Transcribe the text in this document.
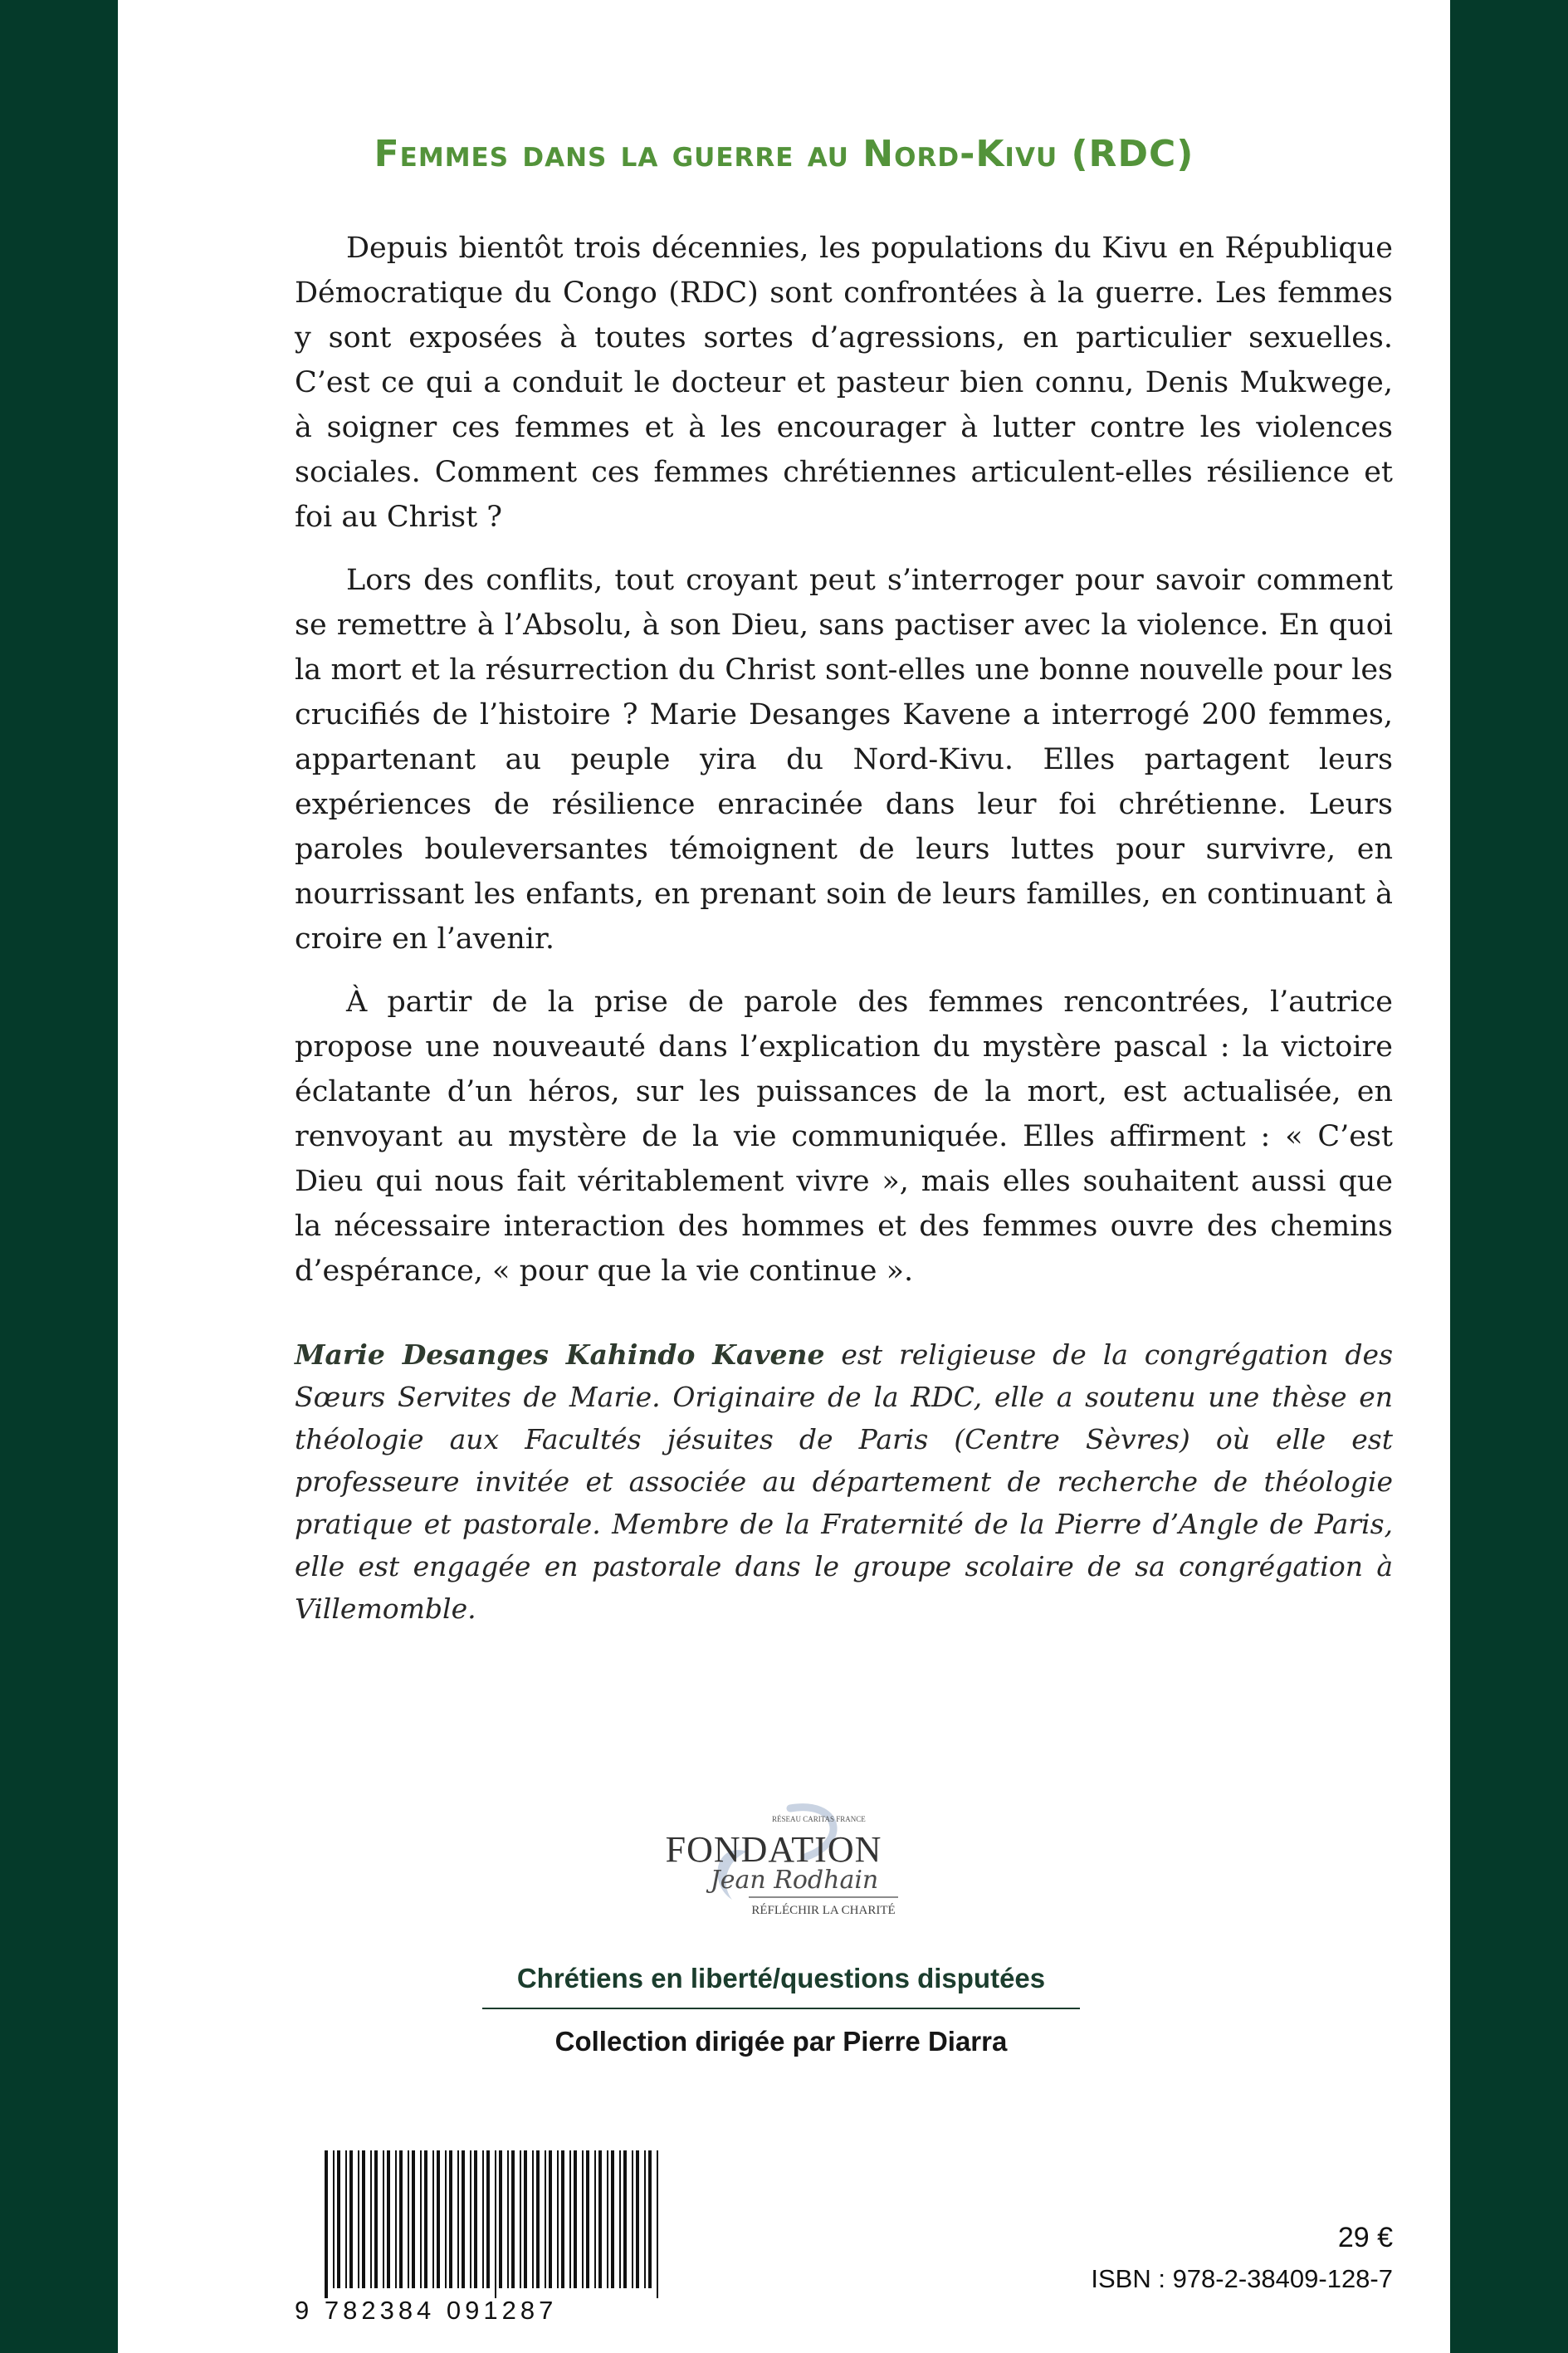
Femmes dans la guerre au Nord-Kivu (RDC)

Depuis bientôt trois décennies, les populations du Kivu en République Démocratique du Congo (RDC) sont confrontées à la guerre. Les femmes y sont exposées à toutes sortes d’agressions, en particulier sexuelles. C’est ce qui a conduit le docteur et pasteur bien connu, Denis Mukwege, à soigner ces femmes et à les encourager à lutter contre les violences sociales. Comment ces femmes chrétiennes articulent-elles résilience et foi au Christ ?

Lors des conflits, tout croyant peut s’interroger pour savoir comment se remettre à l’Absolu, à son Dieu, sans pactiser avec la violence. En quoi la mort et la résurrection du Christ sont-elles une bonne nouvelle pour les crucifiés de l’histoire ? Marie Desanges Kavene a interrogé 200 femmes, appartenant au peuple yira du Nord-Kivu. Elles partagent leurs expériences de résilience enracinée dans leur foi chrétienne. Leurs paroles bouleversantes témoignent de leurs luttes pour survivre, en nourrissant les enfants, en prenant soin de leurs familles, en continuant à croire en l’avenir.

À partir de la prise de parole des femmes rencontrées, l’autrice propose une nouveauté dans l’explication du mystère pascal : la victoire éclatante d’un héros, sur les puissances de la mort, est actualisée, en renvoyant au mystère de la vie communiquée. Elles affirment : « C’est Dieu qui nous fait véritablement vivre », mais elles souhaitent aussi que la nécessaire interaction des hommes et des femmes ouvre des chemins d’espérance, « pour que la vie continue ».

Marie Desanges Kahindo Kavene est religieuse de la congrégation des Sœurs Servites de Marie. Originaire de la RDC, elle a soutenu une thèse en théologie aux Facultés jésuites de Paris (Centre Sèvres) où elle est professeure invitée et associée au département de recherche de théologie pratique et pastorale. Membre de la Fraternité de la Pierre d’Angle de Paris, elle est engagée en pastorale dans le groupe scolaire de sa congrégation à Villemomble.

RÉSEAU CARITAS FRANCE
FONDATION
Jean Rodhain
RÉFLÉCHIR LA CHARITÉ
Chrétiens en liberté/questions disputées
Collection dirigée par Pierre Diarra
9 782384 091287
29 €
ISBN : 978-2-38409-128-7
